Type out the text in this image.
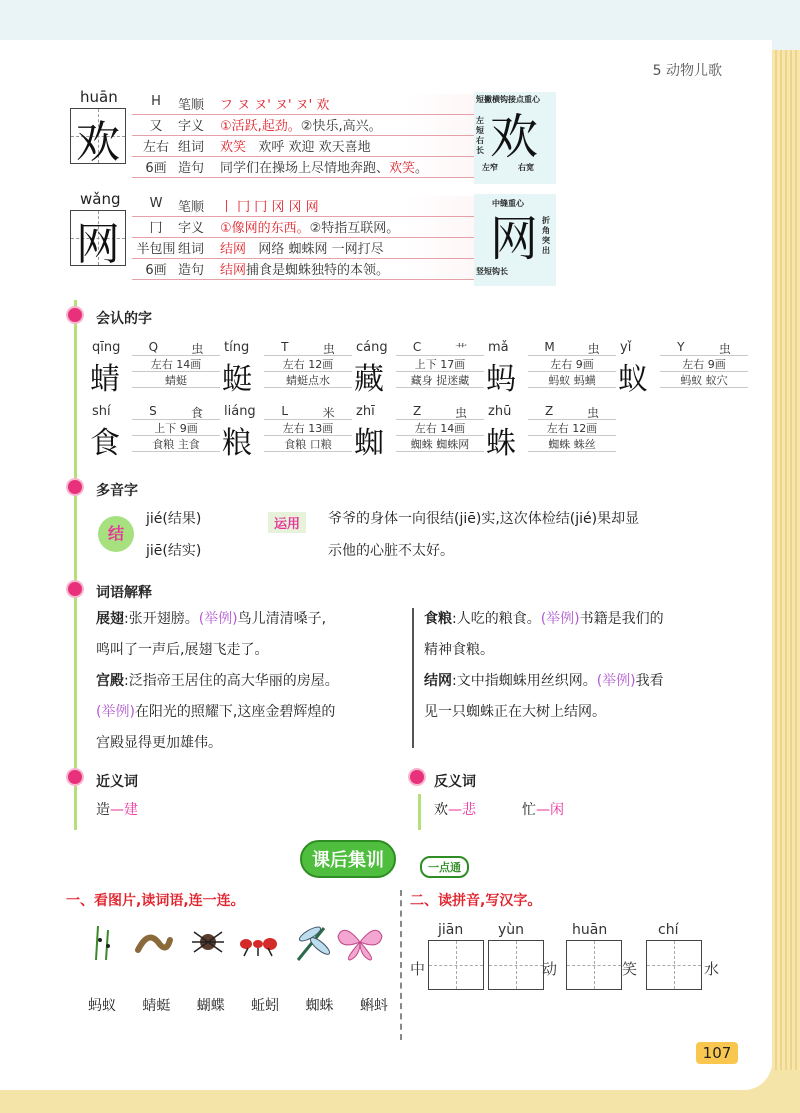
5 动物儿歌
huān
欢
H	笔顺	フ ヌ ヌ' ヌ' ヌ' 欢
又	字义	①活跃,起劲。②快乐,高兴。
左右 组词	欢笑 欢呼 欢迎 欢天喜地
6画 造句	同学们在操场上尽情地奔跑、欢笑。
欢
短撇横钩接点重心
左短右长
左窄	右宽
wǎng
网
W	笔顺	丨 冂 冂 冈 冈 网
冂	字义	①像网的东西。②特指互联网。
半包围 组词	结网 网络 蜘蛛网 一网打尽
6画 造句	结网捕食是蜘蛛独特的本领。
网
中缝重心
折角突出
竖短钩长
会认的字
qīng
蜻
Q	虫
左右 14画
蜻蜓
tíng
蜓
T	虫
左右 12画
蜻蜓点水
cáng
藏
C	艹
上下 17画
藏身 捉迷藏
mǎ
蚂
M	虫
左右 9画
蚂蚁 蚂蟥
yǐ
蚁
Y	虫
左右 9画
蚂蚁 蚁穴
shí
食
S	食
上下 9画
食粮 主食
liáng
粮
L	米
左右 13画
食粮 口粮
zhī
蜘
Z	虫
左右 14画
蜘蛛 蜘蛛网
zhū
蛛
Z	虫
左右 12画
蜘蛛 蛛丝
多音字
结
jié(结果)
jiē(结实)
运用	爷爷的身体一向很结(jiē)实,这次体检结(jié)果却显
示他的心脏不太好。
词语解释
展翅:张开翅膀。(举例)鸟儿清清嗓子,
鸣叫了一声后,展翅飞走了。
宫殿:泛指帝王居住的高大华丽的房屋。
(举例)在阳光的照耀下,这座金碧辉煌的
宫殿显得更加雄伟。
食粮:人吃的粮食。(举例)书籍是我们的
精神食粮。
结网:文中指蜘蛛用丝织网。(举例)我看
见一只蜘蛛正在大树上结网。
近义词
造—建
反义词
欢—悲	忙—闲
课后集训	一点通
一、看图片,读词语,连一连。
蚂蚁 蜻蜓 蝴蝶 蚯蚓 蜘蛛 蝌蚪
二、读拼音,写汉字。
jiān yùn	huān	chí
中	动	笑	水
107
